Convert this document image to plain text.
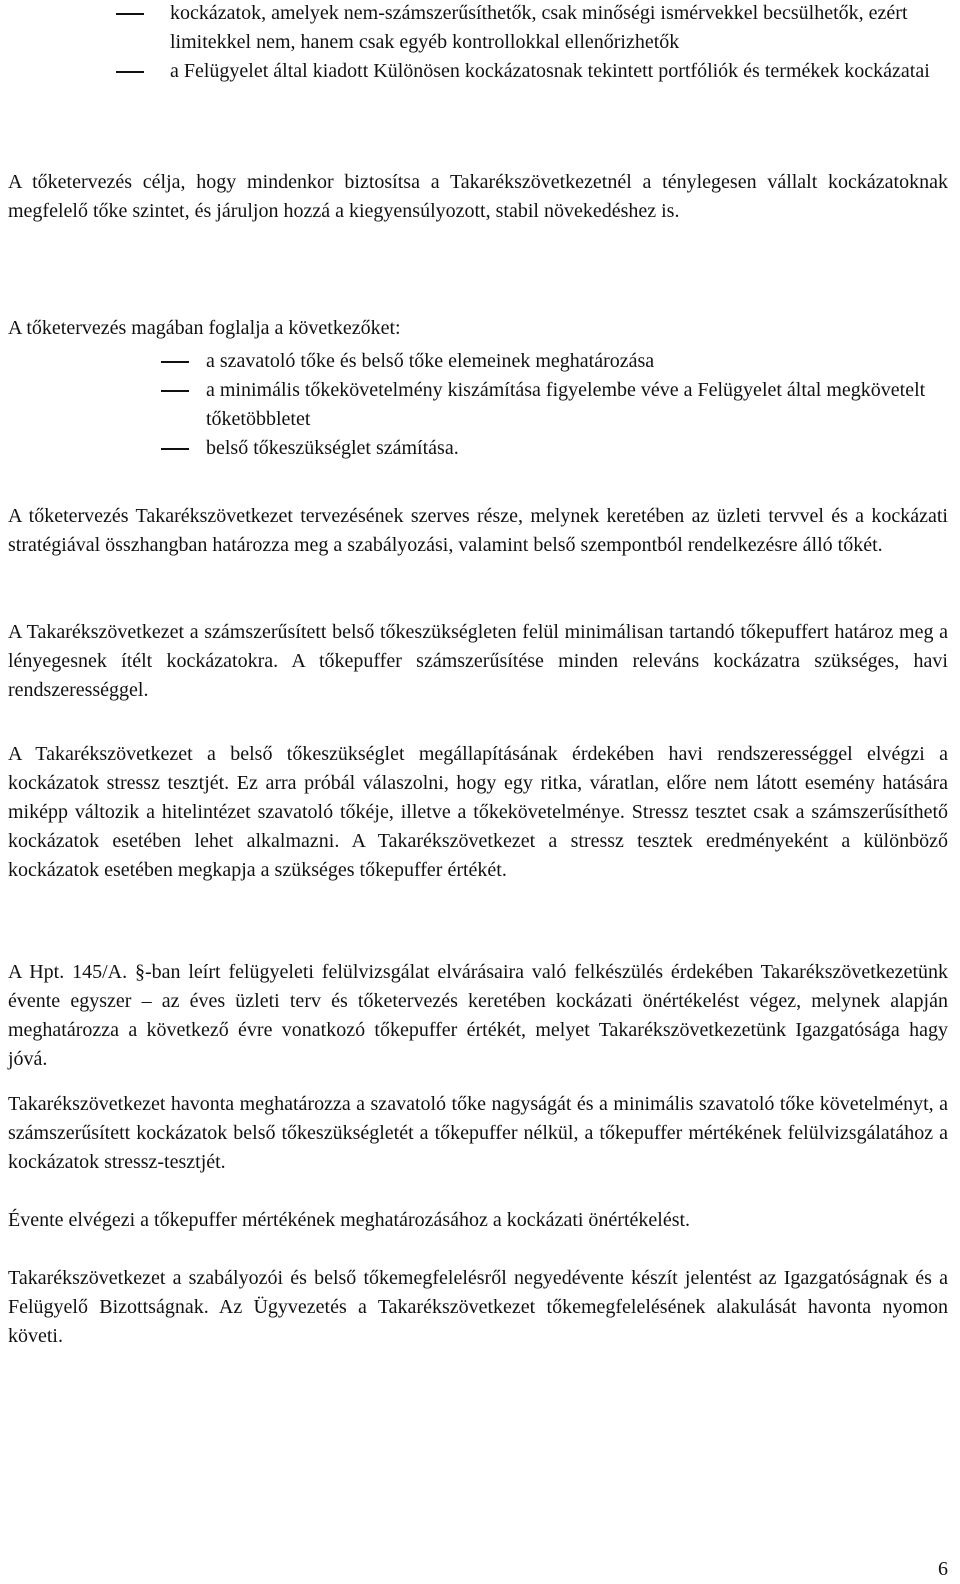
kockázatok, amelyek nem-számszerűsíthetők, csak minőségi ismérvekkel becsülhetők, ezért limitekkel nem, hanem csak egyéb kontrollokkal ellenőrizhetők
a Felügyelet által kiadott Különösen kockázatosnak tekintett portfóliók és termékek kockázatai

A tőketervezés célja, hogy mindenkor biztosítsa a Takarékszövetkezetnél a ténylegesen vállalt kockázatoknak megfelelő tőke szintet, és járuljon hozzá a kiegyensúlyozott, stabil növekedéshez is.

A tőketervezés magában foglalja a következőket:

a szavatoló tőke és belső tőke elemeinek meghatározása
a minimális tőkekövetelmény kiszámítása figyelembe véve a Felügyelet által megkövetelt tőketöbbletet
belső tőkeszükséglet számítása.

A tőketervezés Takarékszövetkezet tervezésének szerves része, melynek keretében az üzleti tervvel és a kockázati stratégiával összhangban határozza meg a szabályozási, valamint belső szempontból rendelkezésre álló tőkét.

A Takarékszövetkezet a számszerűsített belső tőkeszükségleten felül minimálisan tartandó tőkepuffert határoz meg a lényegesnek ítélt kockázatokra. A tőkepuffer számszerűsítése minden releváns kockázatra szükséges, havi rendszerességgel.

A Takarékszövetkezet a belső tőkeszükséglet megállapításának érdekében havi rendszerességgel elvégzi a kockázatok stressz tesztjét. Ez arra próbál válaszolni, hogy egy ritka, váratlan, előre nem látott esemény hatására miképp változik a hitelintézet szavatoló tőkéje, illetve a tőkekövetelménye. Stressz tesztet csak a számszerűsíthető kockázatok esetében lehet alkalmazni. A Takarékszövetkezet a stressz tesztek eredményeként a különböző kockázatok esetében megkapja a szükséges tőkepuffer értékét.

A Hpt. 145/A. §-ban leírt felügyeleti felülvizsgálat elvárásaira való felkészülés érdekében Takarékszövetkezetünk évente egyszer – az éves üzleti terv és tőketervezés keretében kockázati önértékelést végez, melynek alapján meghatározza a következő évre vonatkozó tőkepuffer értékét, melyet Takarékszövetkezetünk Igazgatósága hagy jóvá.

Takarékszövetkezet havonta meghatározza a szavatoló tőke nagyságát és a minimális szavatoló tőke követelményt, a számszerűsített kockázatok belső tőkeszükségletét a tőkepuffer nélkül, a tőkepuffer mértékének felülvizsgálatához a kockázatok stressz-tesztjét.

Évente elvégezi a tőkepuffer mértékének meghatározásához a kockázati önértékelést.

Takarékszövetkezet a szabályozói és belső tőkemegfelelésről negyedévente készít jelentést az Igazgatóságnak és a Felügyelő Bizottságnak. Az Ügyvezetés a Takarékszövetkezet tőkemegfelelésének alakulását havonta nyomon követi.

6
